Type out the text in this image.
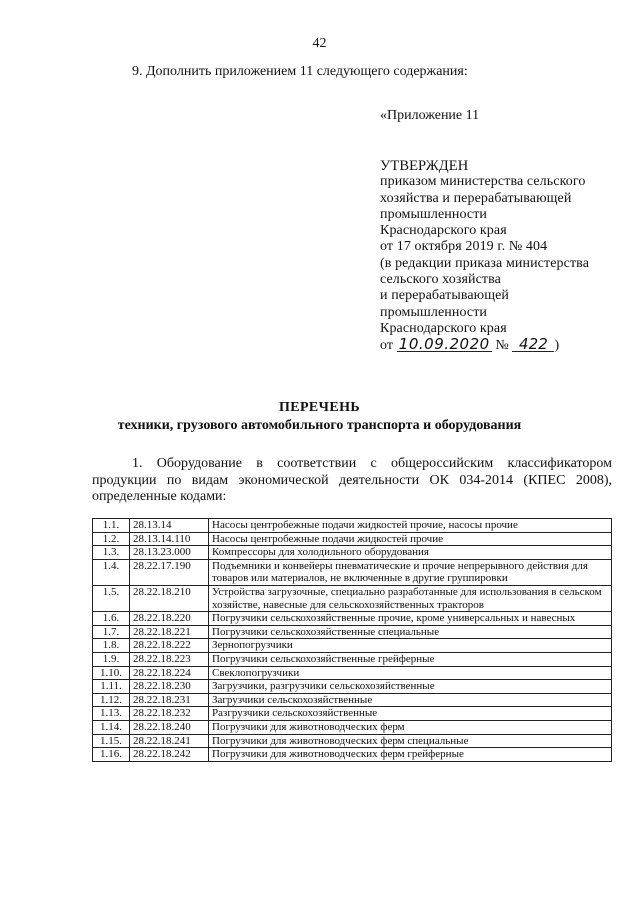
42
9. Дополнить приложением 11 следующего содержания:
«Приложение 11
УТВЕРЖДЕН
приказом министерства сельского
хозяйства и перерабатывающей
промышленности
Краснодарского края
от 17 октября 2019 г. № 404
(в редакции приказа министерства
сельского хозяйства
и перерабатывающей
промышленности
Краснодарского края
от 10.09.2020 № 422 )
ПЕРЕЧЕНЬ
техники, грузового автомобильного транспорта и оборудования
1. Оборудование в соответствии с общероссийским классификатором продукции по видам экономической деятельности ОК 034-2014 (КПЕС 2008), определенные кодами:
1.1.	28.13.14	Насосы центробежные подачи жидкостей прочие, насосы прочие
1.2.	28.13.14.110	Насосы центробежные подачи жидкостей прочие
1.3.	28.13.23.000	Компрессоры для холодильного оборудования
1.4.	28.22.17.190	Подъемники и конвейеры пневматические и прочие непрерывного действия для товаров или материалов, не включенные в другие группировки
1.5.	28.22.18.210	Устройства загрузочные, специально разработанные для использования в сельском хозяйстве, навесные для сельскохозяйственных тракторов
1.6.	28.22.18.220	Погрузчики сельскохозяйственные прочие, кроме универсальных и навесных
1.7.	28.22.18.221	Погрузчики сельскохозяйственные специальные
1.8.	28.22.18.222	Зернопогрузчики
1.9.	28.22.18.223	Погрузчики сельскохозяйственные грейферные
1.10.	28.22.18.224	Свеклопогрузчики
1.11.	28.22.18.230	Загрузчики, разгрузчики сельскохозяйственные
1.12.	28.22.18.231	Загрузчики сельскохозяйственные
1.13.	28.22.18.232	Разгрузчики сельскохозяйственные
1.14.	28.22.18.240	Погрузчики для животноводческих ферм
1.15.	28.22.18.241	Погрузчики для животноводческих ферм специальные
1.16.	28.22.18.242	Погрузчики для животноводческих ферм грейферные
